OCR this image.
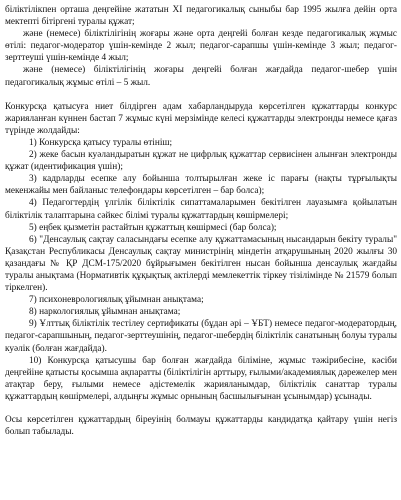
біліктілікпен орташа деңгейіне жататын XI педагогикалық сыныбы бар 1995 жылға дейін орта мектепті бітіргені туралы құжат;

және (немесе) біліктілігінің жоғары және орта деңгейі болған кезде педагогикалық жұмыс өтілі: педагог-модератор үшін-кемінде 2 жыл; педагог-сарапшы үшін-кемінде 3 жыл; педагог-зерттеуші үшін-кемінде 4 жыл;

және (немесе) біліктілігінің жоғары деңгейі болған жағдайда педагог-шебер үшін педагогикалық жұмыс өтілі – 5 жыл.

Конкурсқа қатысуға ниет білдірген адам хабарландыруда көрсетілген құжаттарды конкурс жарияланған күннен бастап 7 жұмыс күні мерзімінде келесі құжаттарды электронды немесе қағаз түрінде жолдайды:

1) Конкурсқа қатысу туралы өтініш;

2) жеке басын куәландыратын құжат не цифрлық құжаттар сервисінен алынған электронды құжат (идентификация үшін);

3) кадрларды есепке алу бойынша толтырылған жеке іс парағы (нақты тұрғылықты мекенжайы мен байланыс телефондары көрсетілген – бар болса);

4) Педагогтердің үлгілік біліктілік сипаттамаларымен бекітілген лауазымға қойылатын біліктілік талаптарына сәйкес білімі туралы құжаттардың көшірмелері;

5) еңбек қызметін растайтын құжаттың көшірмесі (бар болса);

6) "Денсаулық сақтау саласындағы есепке алу құжаттамасының нысандарын бекіту туралы" Қазақстан Республикасы Денсаулық сақтау министрінің міндетін атқарушының 2020 жылғы 30 қазандағы № ҚР ДСМ-175/2020 бұйрығымен бекітілген нысан бойынша денсаулық жағдайы туралы анықтама (Нормативтік құқықтық актілердi мемлекеттік тіркеу тізілімінде № 21579 болып тіркелген).

7) психоневрологиялық ұйымнан анықтама;

8) наркологиялық ұйымнан анықтама;

9) Ұлттық біліктілік тестілеу сертификаты (бұдан әрі – ҰБТ) немесе педагог-модератордың, педагог-сарапшының, педагог-зерттеушінің, педагог-шебердің біліктілік санатының болуы туралы куәлік (болған жағдайда).

10) Конкурсқа қатысушы бар болған жағдайда біліміне, жұмыс тәжірибесіне, кәсіби деңгейіне қатысты қосымша ақпаратты (біліктілігін арттыру, ғылыми/академиялық дәрежелер мен атақтар беру, ғылыми немесе әдістемелік жарияланымдар, біліктілік санаттар туралы құжаттардың көшірмелері, алдыңғы жұмыс орнының басшылығынан ұсынымдар) ұсынады.

Осы көрсетілген құжаттардың біреуінің болмауы құжаттарды кандидатқа қайтару үшін негіз болып табылады.
